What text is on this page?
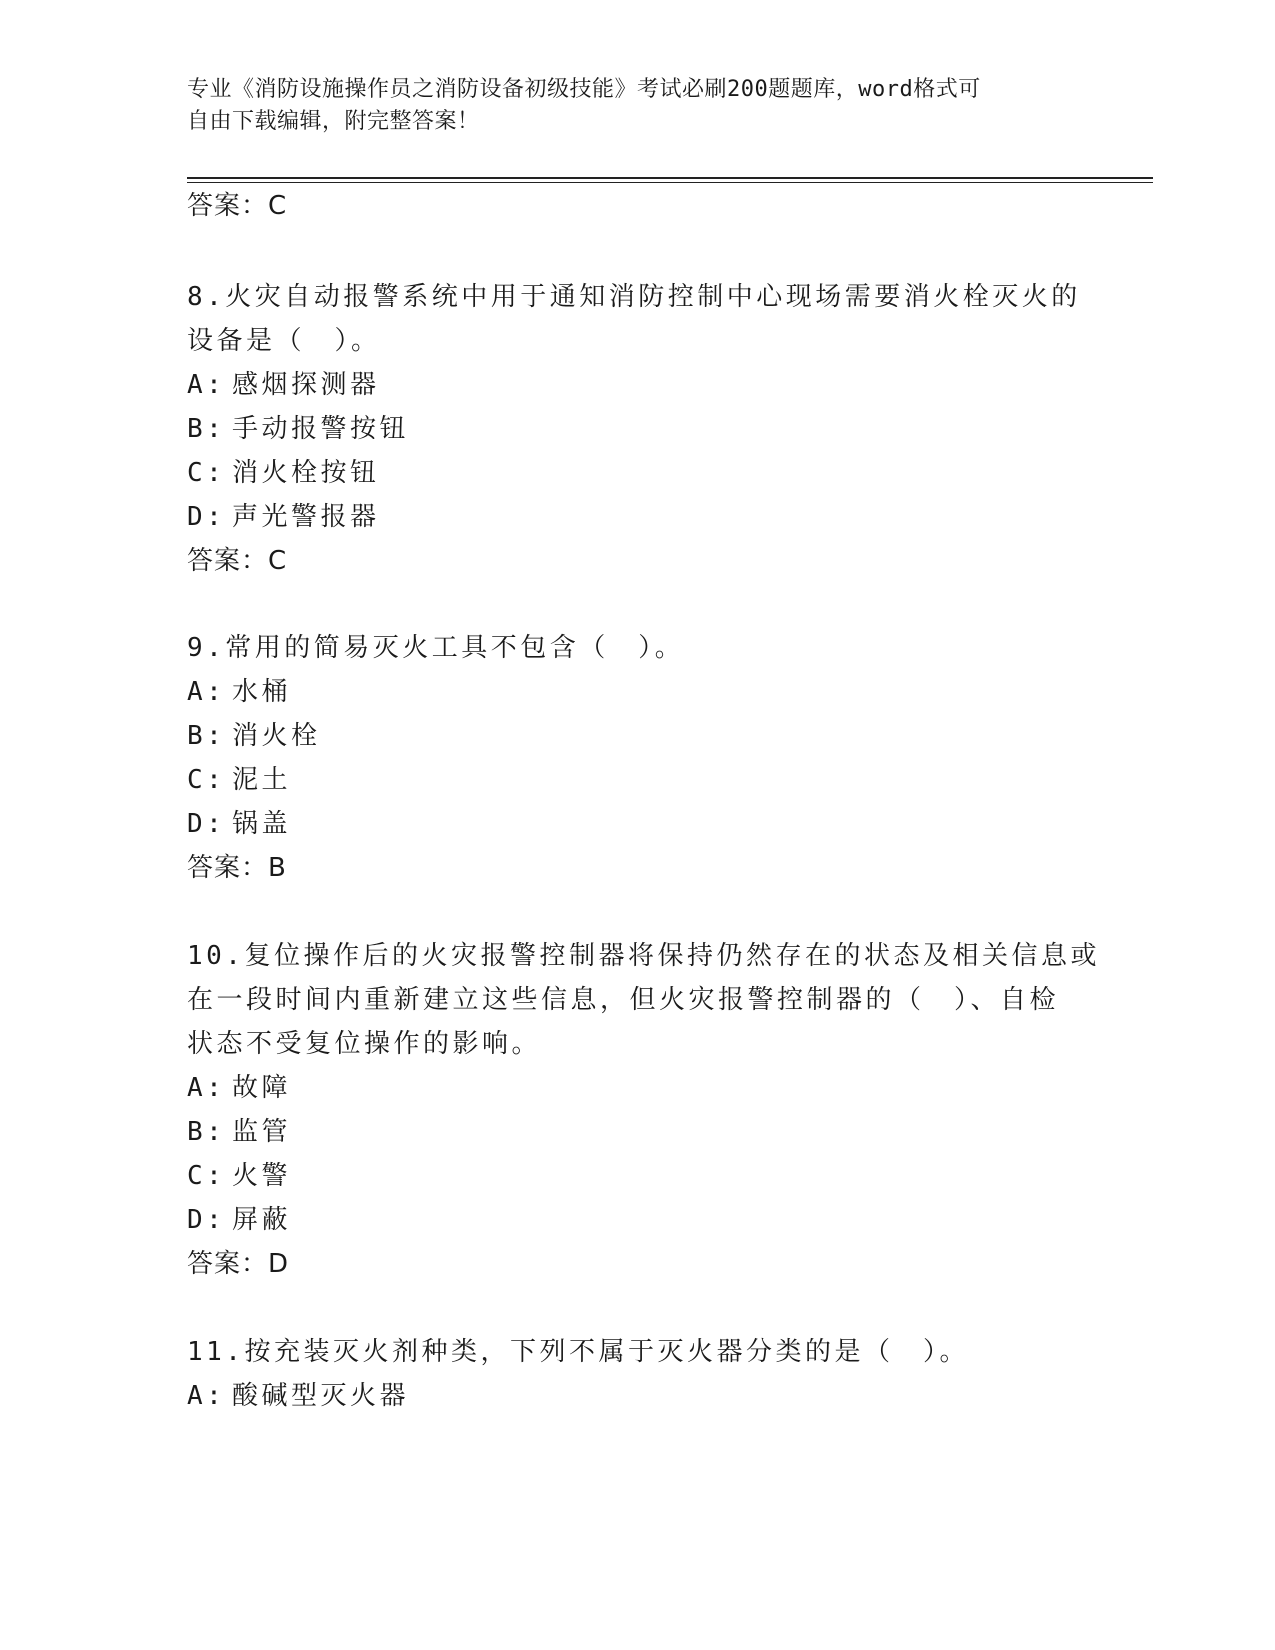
专业《消防设施操作员之消防设备初级技能》考试必刷200题题库，word格式可
自由下载编辑，附完整答案！
答案：C
8.火灾自动报警系统中用于通知消防控制中心现场需要消火栓灭火的
设备是（　）。
A: 感烟探测器
B: 手动报警按钮
C: 消火栓按钮
D: 声光警报器
答案：C
9.常用的简易灭火工具不包含（　）。
A: 水桶
B: 消火栓
C: 泥土
D: 锅盖
答案：B
10.复位操作后的火灾报警控制器将保持仍然存在的状态及相关信息或
在一段时间内重新建立这些信息，但火灾报警控制器的（　）、自检
状态不受复位操作的影响。
A: 故障
B: 监管
C: 火警
D: 屏蔽
答案：D
11.按充装灭火剂种类，下列不属于灭火器分类的是（　）。
A: 酸碱型灭火器
